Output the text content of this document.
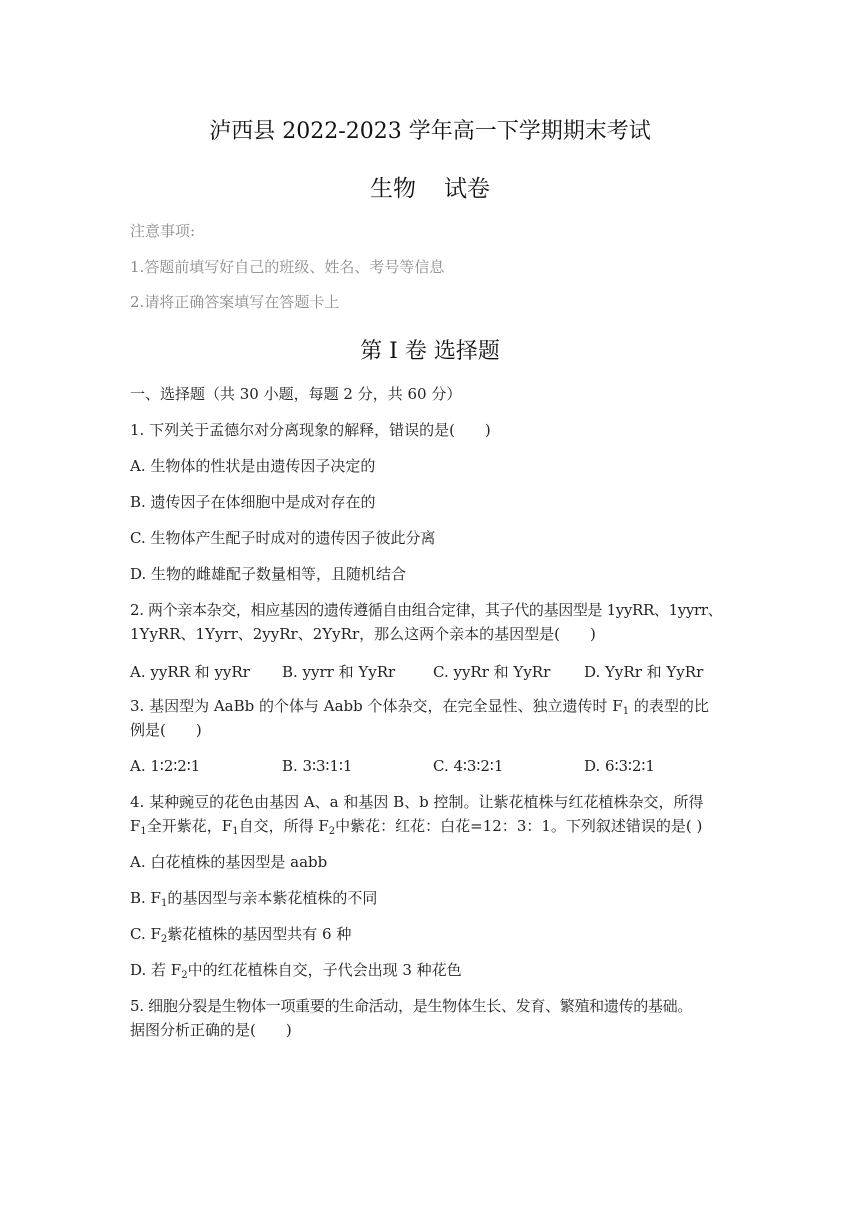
泸西县 2022-2023 学年高一下学期期末考试
生物 试卷
注意事项:
1.答题前填写好自己的班级、姓名、考号等信息
2.请将正确答案填写在答题卡上
第 I 卷 选择题
一、选择题（共 30 小题，每题 2 分，共 60 分）
1. 下列关于孟德尔对分离现象的解释，错误的是(　　)
A. 生物体的性状是由遗传因子决定的
B. 遗传因子在体细胞中是成对存在的
C. 生物体产生配子时成对的遗传因子彼此分离
D. 生物的雌雄配子数量相等，且随机结合
2. 两个亲本杂交，相应基因的遗传遵循自由组合定律，其子代的基因型是 1yyRR、1yyrr、
1YyRR、1Yyrr、2yyRr、2YyRr，那么这两个亲本的基因型是(　　)
A. yyRR 和 yyRr	B. yyrr 和 YyRr	C. yyRr 和 YyRr	D. YyRr 和 YyRr
3. 基因型为 AaBb 的个体与 Aabb 个体杂交，在完全显性、独立遗传时 $F_1$ 的表型的比
例是(　　)
A. 1∶2∶2∶1	B. 3∶3∶1∶1	C. 4∶3∶2∶1	D. 6∶3∶2∶1
4. 某种豌豆的花色由基因 A、a 和基因 B、b 控制。让紫花植株与红花植株杂交，所得
$F_1$全开紫花，$F_1$自交，所得 $F_2$中紫花：红花：白花=12：3：1。下列叙述错误的是( )
A. 白花植株的基因型是 aabb
B. $F_1$的基因型与亲本紫花植株的不同
C. $F_2$紫花植株的基因型共有 6 种
D. 若 $F_2$中的红花植株自交，子代会出现 3 种花色
5. 细胞分裂是生物体一项重要的生命活动，是生物体生长、发育、繁殖和遗传的基础。
据图分析正确的是(　　)
